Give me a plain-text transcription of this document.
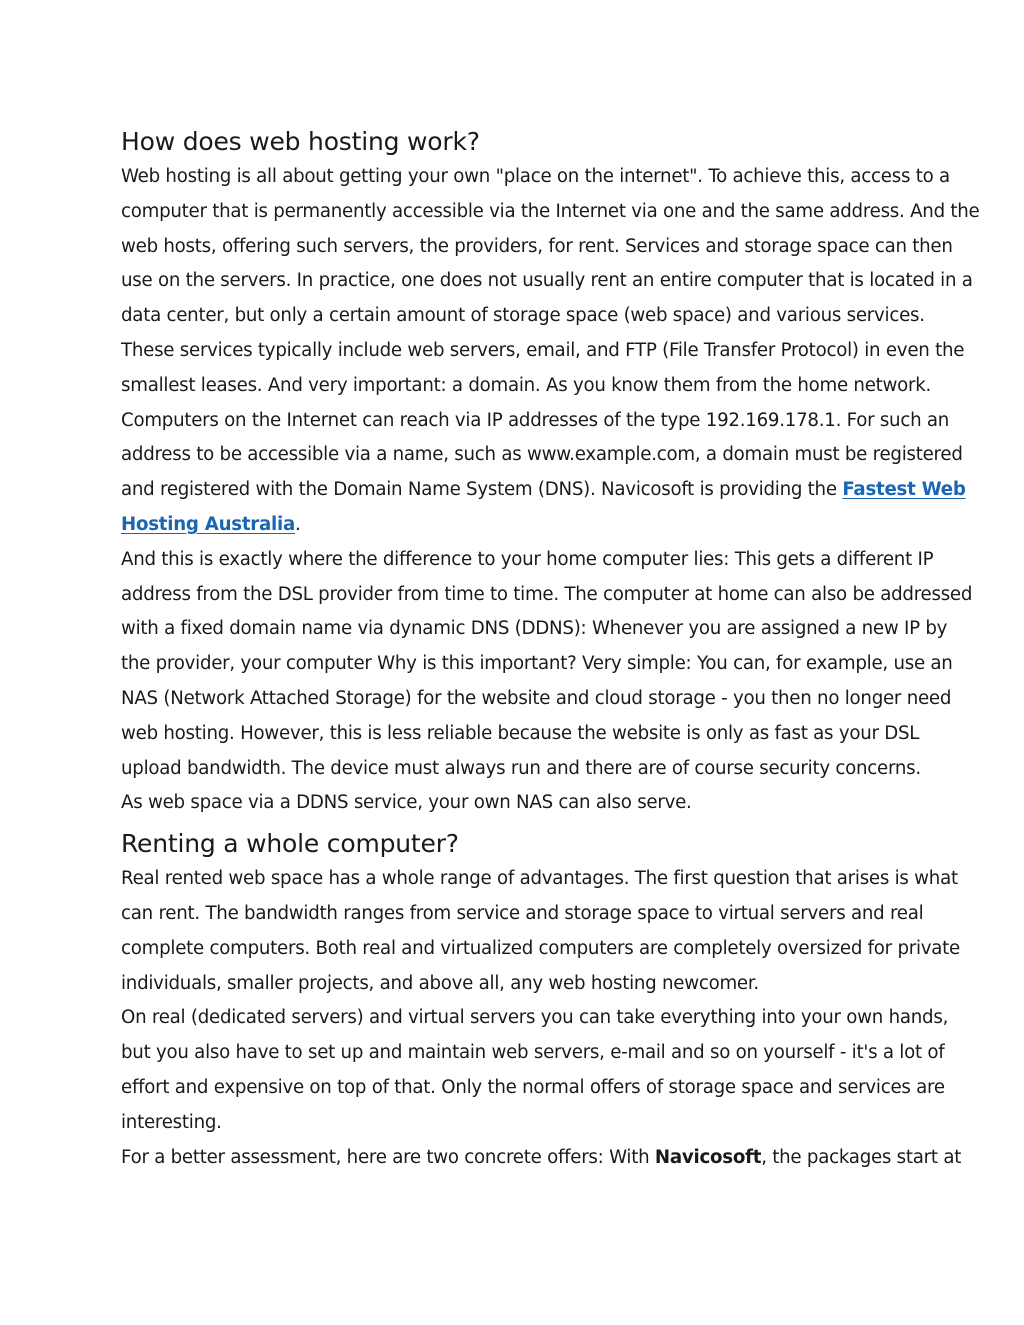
How does web hosting work?

Web hosting is all about getting your own "place on the internet". To achieve this, access to a computer that is permanently accessible via the Internet via one and the same address. And the web hosts, offering such servers, the providers, for rent. Services and storage space can then use on the servers. In practice, one does not usually rent an entire computer that is located in a data center, but only a certain amount of storage space (web space) and various services. These services typically include web servers, email, and FTP (File Transfer Protocol) in even the smallest leases. And very important: a domain. As you know them from the home network. Computers on the Internet can reach via IP addresses of the type 192.169.178.1. For such an address to be accessible via a name, such as www.example.com, a domain must be registered and registered with the Domain Name System (DNS). Navicosoft is providing the Fastest Web Hosting Australia.

And this is exactly where the difference to your home computer lies: This gets a different IP address from the DSL provider from time to time. The computer at home can also be addressed with a fixed domain name via dynamic DNS (DDNS): Whenever you are assigned a new IP by the provider, your computer Why is this important? Very simple: You can, for example, use an NAS (Network Attached Storage) for the website and cloud storage - you then no longer need web hosting. However, this is less reliable because the website is only as fast as your DSL upload bandwidth. The device must always run and there are of course security concerns.

As web space via a DDNS service, your own NAS can also serve.

Renting a whole computer?

Real rented web space has a whole range of advantages. The first question that arises is what can rent. The bandwidth ranges from service and storage space to virtual servers and real complete computers. Both real and virtualized computers are completely oversized for private individuals, smaller projects, and above all, any web hosting newcomer.

On real (dedicated servers) and virtual servers you can take everything into your own hands, but you also have to set up and maintain web servers, e-mail and so on yourself - it's a lot of effort and expensive on top of that. Only the normal offers of storage space and services are interesting.

For a better assessment, here are two concrete offers: With Navicosoft, the packages start at
